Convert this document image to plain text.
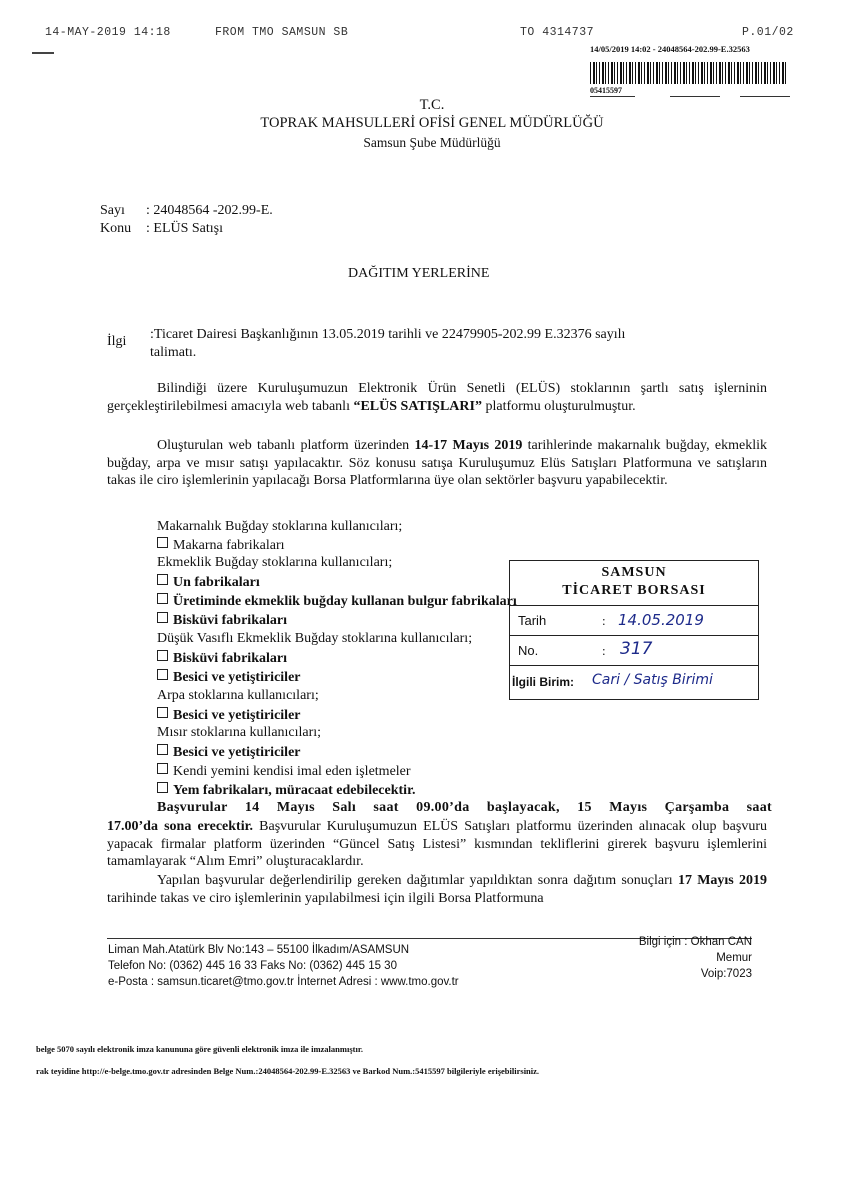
14-MAY-2019 14:18	FROM TMO SAMSUN SB	TO 4314737	P.01/02
14/05/2019 14:02 - 24048564-202.99-E.32563
05415597
T.C.
TOPRAK MAHSULLERİ OFİSİ GENEL MÜDÜRLÜĞÜ
Samsun Şube Müdürlüğü
Sayı : 24048564 -202.99-E.
Konu : ELÜS Satışı
DAĞITIM YERLERİNE
İlgi :Ticaret Dairesi Başkanlığının 13.05.2019 tarihli ve 22479905-202.99 E.32376 sayılı
talimatı.
Bilindiği üzere Kuruluşumuzun Elektronik Ürün Senetli (ELÜS) stoklarının şartlı satış işlerninin gerçekleştirilebilmesi amacıyla web tabanlı “ELÜS SATIŞLARI” platformu oluşturulmuştur.
Oluşturulan web tabanlı platform üzerinden 14-17 Mayıs 2019 tarihlerinde makarnalık buğday, ekmeklik buğday, arpa ve mısır satışı yapılacaktır. Söz konusu satışa Kuruluşumuz Elüs Satışları Platformuna ve satışların takas ile ciro işlemlerinin yapılacağı Borsa Platformlarına üye olan sektörler başvuru yapabilecektir.
Makarnalık Buğday stoklarına kullanıcıları;
Makarna fabrikaları
Ekmeklik Buğday stoklarına kullanıcıları;
Un fabrikaları
Üretiminde ekmeklik buğday kullanan bulgur fabrikaları
Bisküvi fabrikaları
Düşük Vasıflı Ekmeklik Buğday stoklarına kullanıcıları;
Bisküvi fabrikaları
Besici ve yetiştiriciler
Arpa stoklarına kullanıcıları;
Besici ve yetiştiriciler
Mısır stoklarına kullanıcıları;
Besici ve yetiştiriciler
Kendi yemini kendisi imal eden işletmeler
Yem fabrikaları, müracaat edebilecektir.
SAMSUN
TİCARET BORSASI
Tarih	: 14.05.2019
No.	: 317
İlgili Birim: Cari / Satış Birimi
Başvurular 14 Mayıs Salı saat 09.00’da başlayacak, 15 Mayıs Çarşamba saat
17.00’da sona erecektir. Başvurular Kuruluşumuzun ELÜS Satışları platformu üzerinden alınacak olup başvuru yapacak firmalar platform üzerinden “Güncel Satış Listesi” kısmından tekliflerini girerek başvuru işlemlerini tamamlayarak “Alım Emri” oluşturacaklardır.
Yapılan başvurular değerlendirilip gereken dağıtımlar yapıldıktan sonra dağıtım sonuçları 17 Mayıs 2019 tarihinde takas ve ciro işlemlerinin yapılabilmesi için ilgili Borsa Platformuna
Liman Mah.Atatürk Blv No:143 – 55100 İlkadım/ASAMSUN
Telefon No: (0362) 445 16 33 Faks No: (0362) 445 15 30
e-Posta : samsun.ticaret@tmo.gov.tr İnternet Adresi : www.tmo.gov.tr
Bilgi için : Okhan CAN
Memur
Voip:7023
belge 5070 sayılı elektronik imza kanununa göre güvenli elektronik imza ile imzalanmıştır.
rak teyidine http://e-belge.tmo.gov.tr adresinden Belge Num.:24048564-202.99-E.32563 ve Barkod Num.:5415597 bilgileriyle erişebilirsiniz.
